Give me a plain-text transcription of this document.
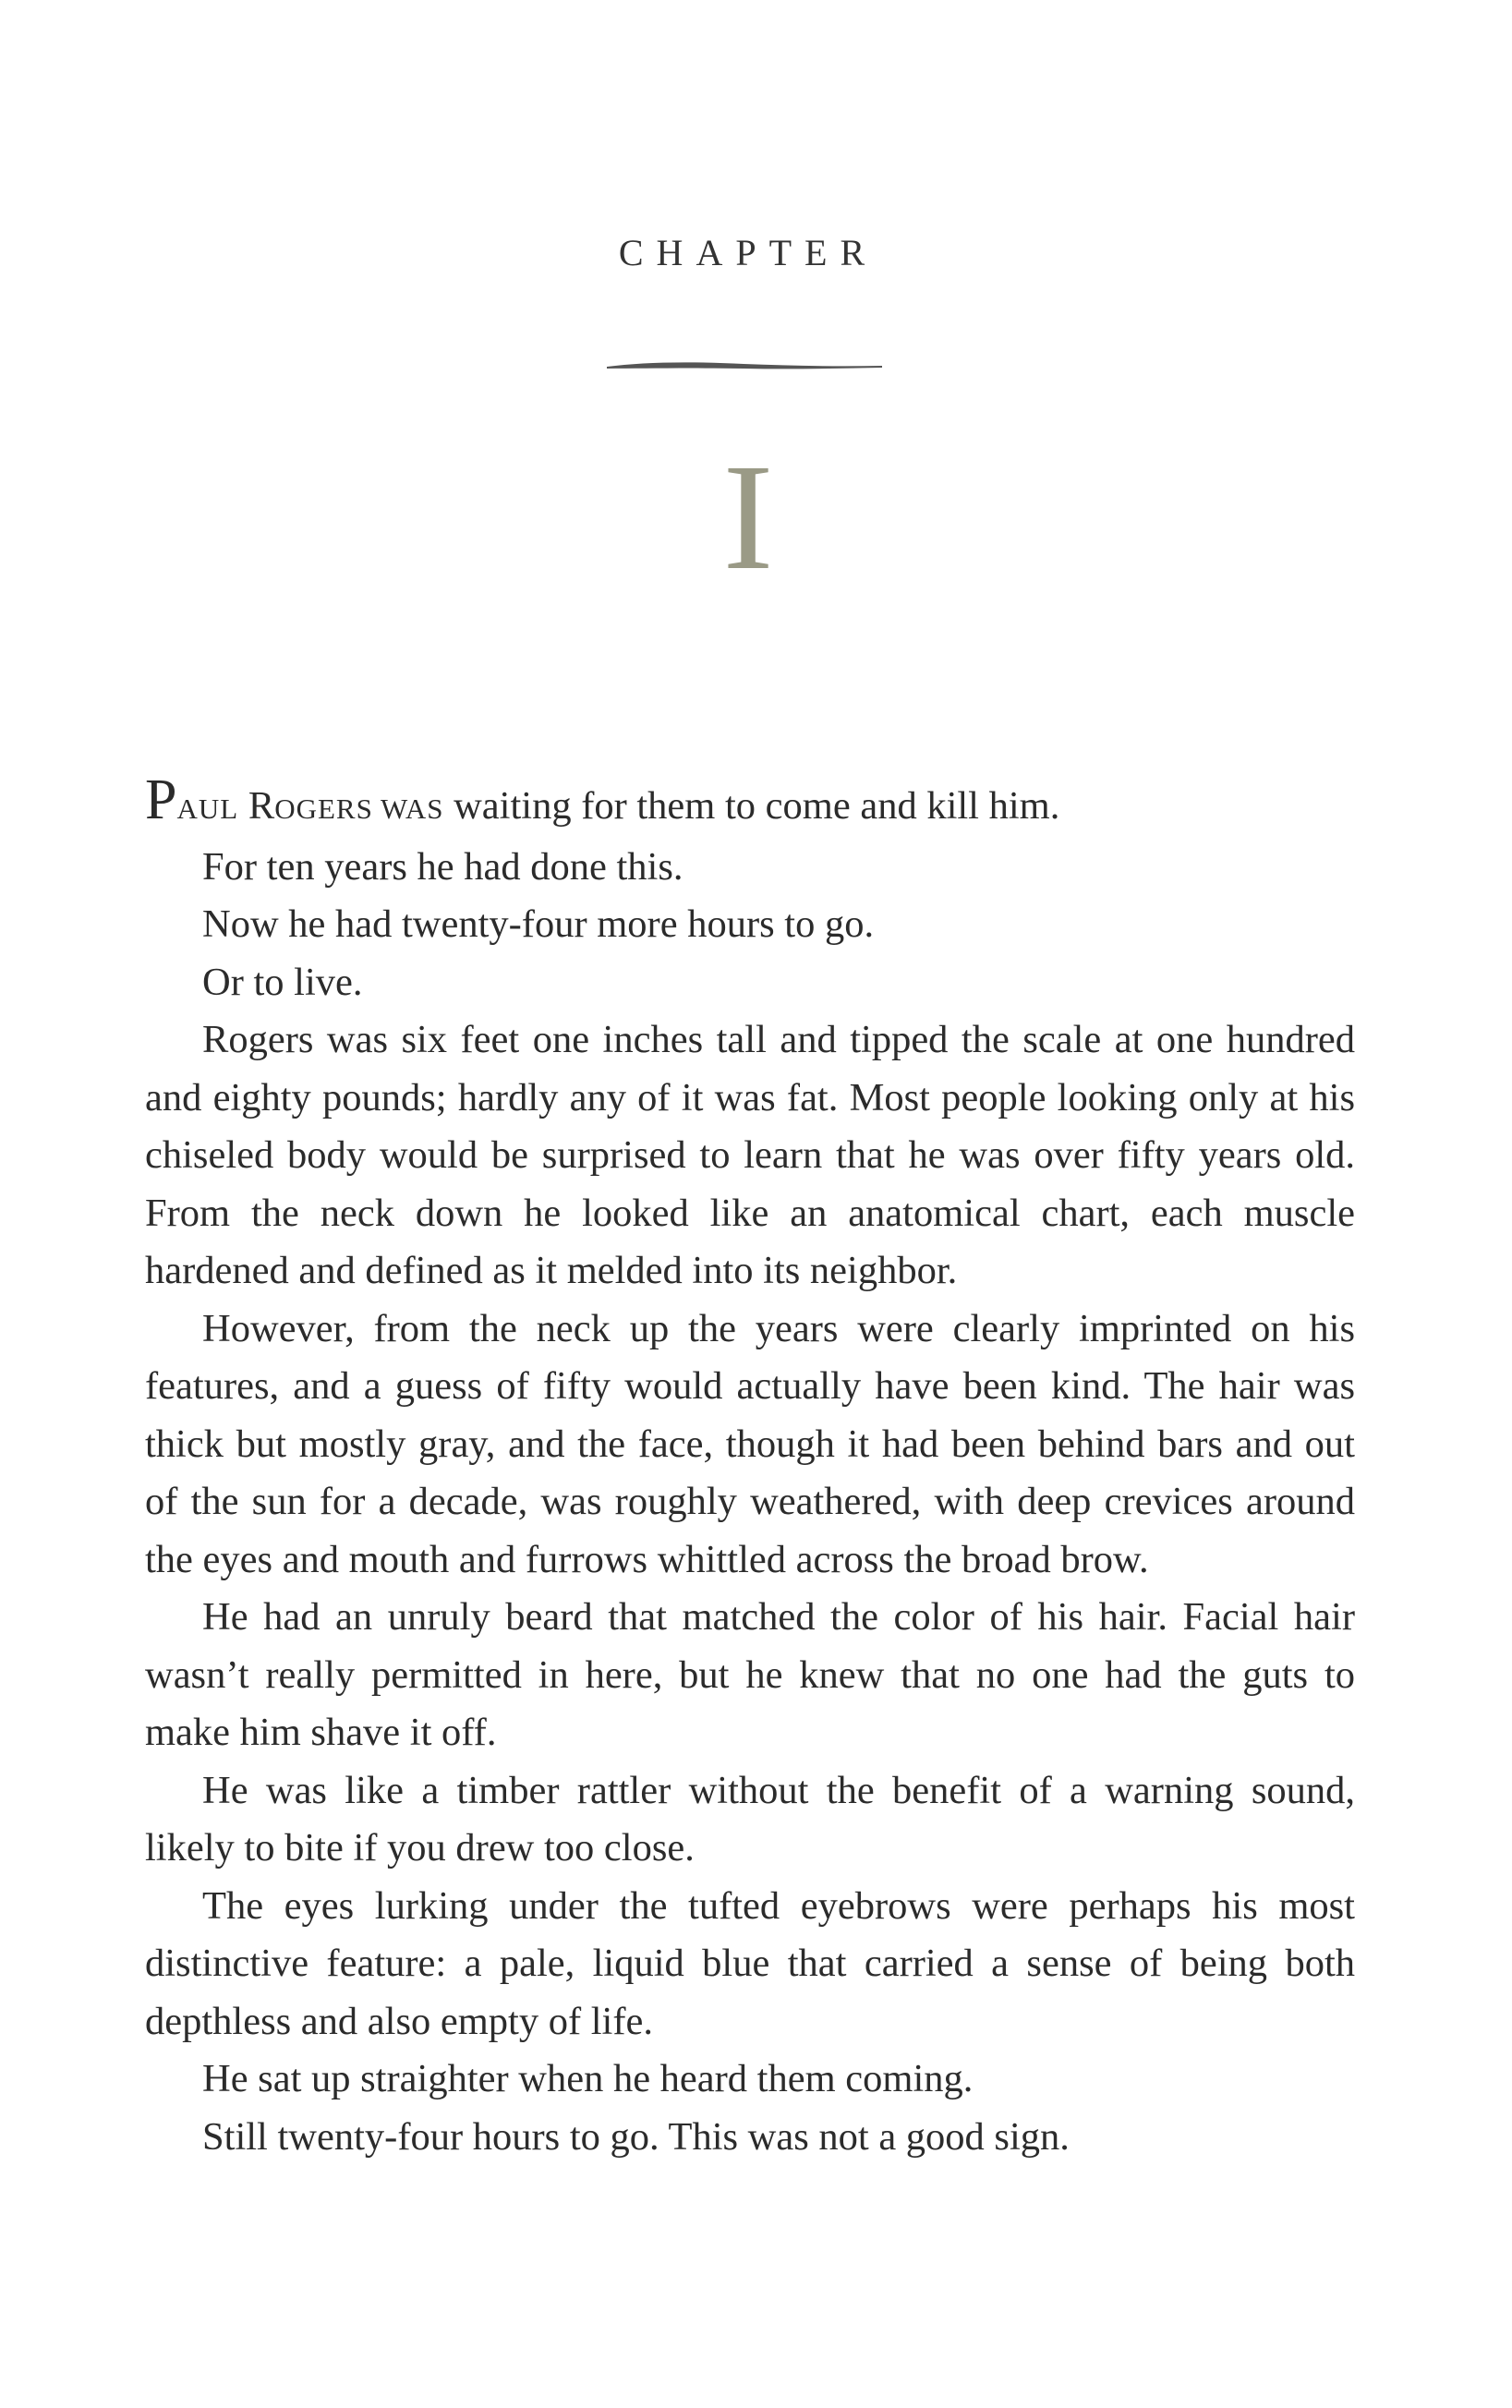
CHAPTER
I

PAUL ROGERS WAS waiting for them to come and kill him.

For ten years he had done this.

Now he had twenty-four more hours to go.

Or to live.

Rogers was six feet one inches tall and tipped the scale at one hundred and eighty pounds; hardly any of it was fat. Most people looking only at his chiseled body would be surprised to learn that he was over fifty years old. From the neck down he looked like an anatomical chart, each muscle hardened and defined as it melded into its neighbor.

However, from the neck up the years were clearly imprinted on his features, and a guess of fifty would actually have been kind. The hair was thick but mostly gray, and the face, though it had been behind bars and out of the sun for a decade, was roughly weathered, with deep crevices around the eyes and mouth and furrows whittled across the broad brow.

He had an unruly beard that matched the color of his hair. Facial hair wasn’t really permitted in here, but he knew that no one had the guts to make him shave it off.

He was like a timber rattler without the benefit of a warning sound, likely to bite if you drew too close.

The eyes lurking under the tufted eyebrows were perhaps his most distinctive feature: a pale, liquid blue that carried a sense of being both depthless and also empty of life.

He sat up straighter when he heard them coming.

Still twenty-four hours to go. This was not a good sign.
